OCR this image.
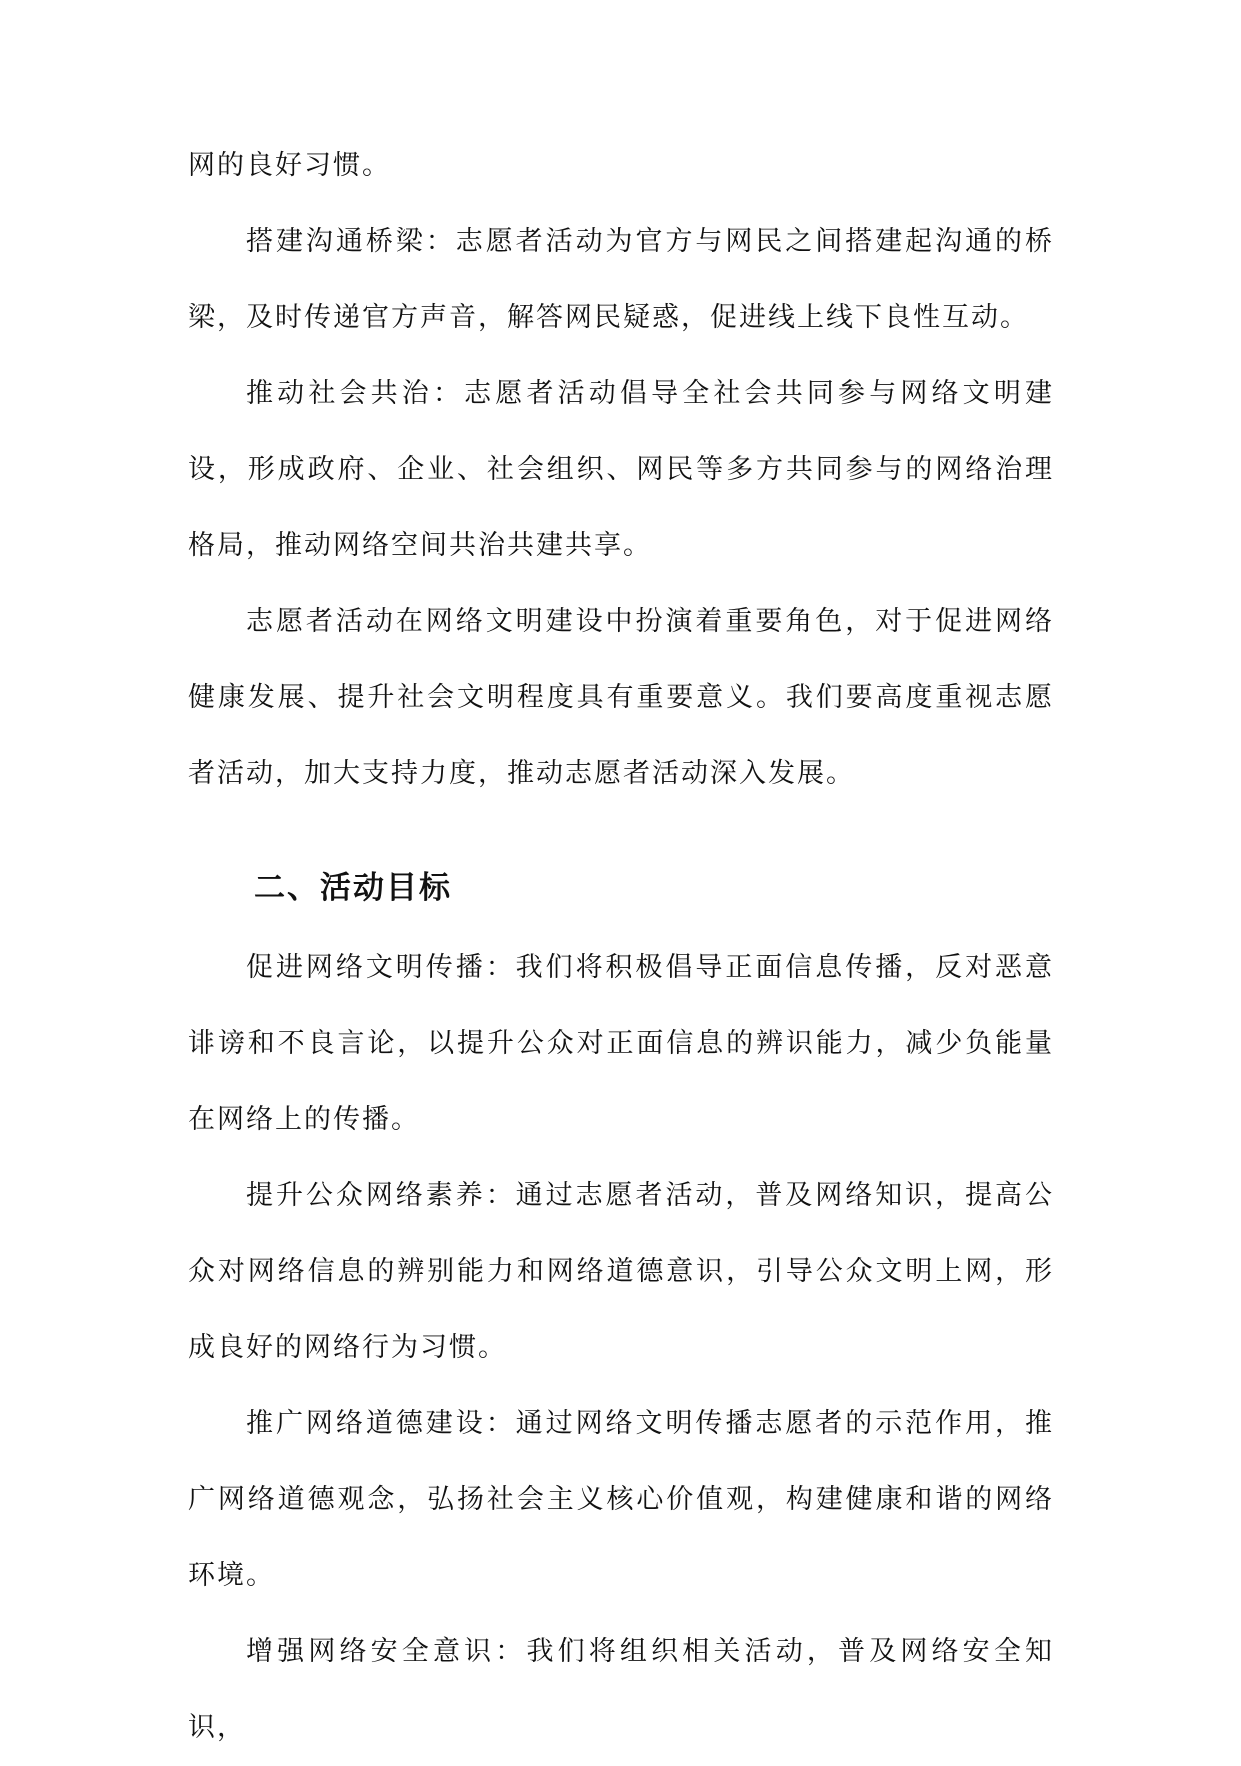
网的良好习惯。

搭建沟通桥梁：志愿者活动为官方与网民之间搭建起沟通的桥梁，及时传递官方声音，解答网民疑惑，促进线上线下良性互动。

推动社会共治：志愿者活动倡导全社会共同参与网络文明建设，形成政府、企业、社会组织、网民等多方共同参与的网络治理格局，推动网络空间共治共建共享。

志愿者活动在网络文明建设中扮演着重要角色，对于促进网络健康发展、提升社会文明程度具有重要意义。我们要高度重视志愿者活动，加大支持力度，推动志愿者活动深入发展。

二、活动目标

促进网络文明传播：我们将积极倡导正面信息传播，反对恶意诽谤和不良言论，以提升公众对正面信息的辨识能力，减少负能量在网络上的传播。

提升公众网络素养：通过志愿者活动，普及网络知识，提高公众对网络信息的辨别能力和网络道德意识，引导公众文明上网，形成良好的网络行为习惯。

推广网络道德建设：通过网络文明传播志愿者的示范作用，推广网络道德观念，弘扬社会主义核心价值观，构建健康和谐的网络环境。

增强网络安全意识：我们将组织相关活动，普及网络安全知识，
